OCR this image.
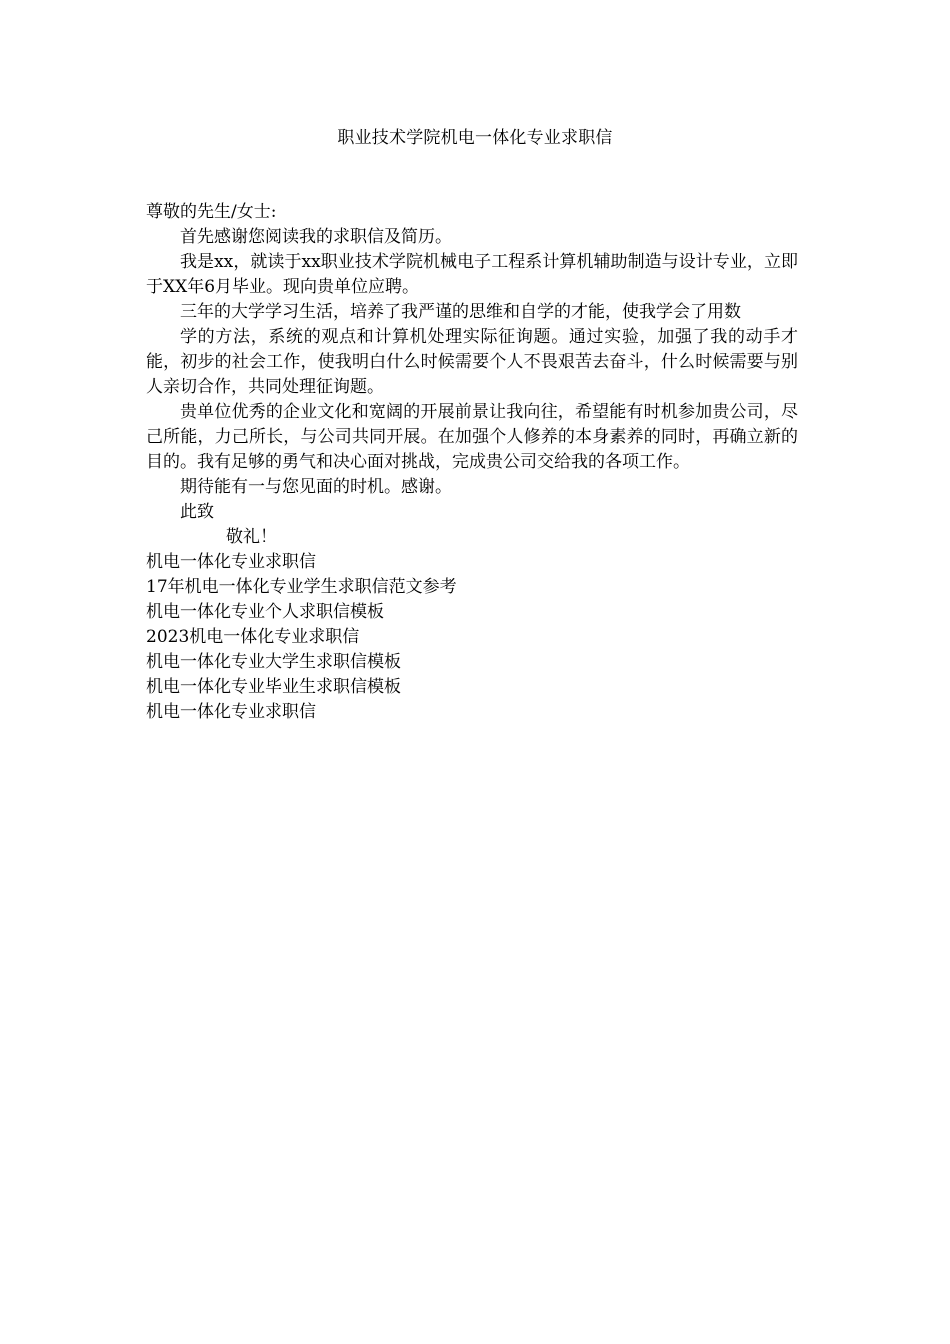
职业技术学院机电一体化专业求职信

尊敬的先生/女士:

首先感谢您阅读我的求职信及简历。

我是xx，就读于xx职业技术学院机械电子工程系计算机辅助制造与设计专业，立即于XX年6月毕业。现向贵单位应聘。

三年的大学学习生活，培养了我严谨的思维和自学的才能，使我学会了用数

学的方法，系统的观点和计算机处理实际征询题。通过实验，加强了我的动手才能，初步的社会工作，使我明白什么时候需要个人不畏艰苦去奋斗，什么时候需要与别人亲切合作，共同处理征询题。

贵单位优秀的企业文化和宽阔的开展前景让我向往，希望能有时机参加贵公司，尽己所能，力己所长，与公司共同开展。在加强个人修养的本身素养的同时，再确立新的目的。我有足够的勇气和决心面对挑战，完成贵公司交给我的各项工作。

期待能有一与您见面的时机。感谢。

此致

敬礼！

机电一体化专业求职信

17年机电一体化专业学生求职信范文参考

机电一体化专业个人求职信模板

2023机电一体化专业求职信

机电一体化专业大学生求职信模板

机电一体化专业毕业生求职信模板

机电一体化专业求职信
